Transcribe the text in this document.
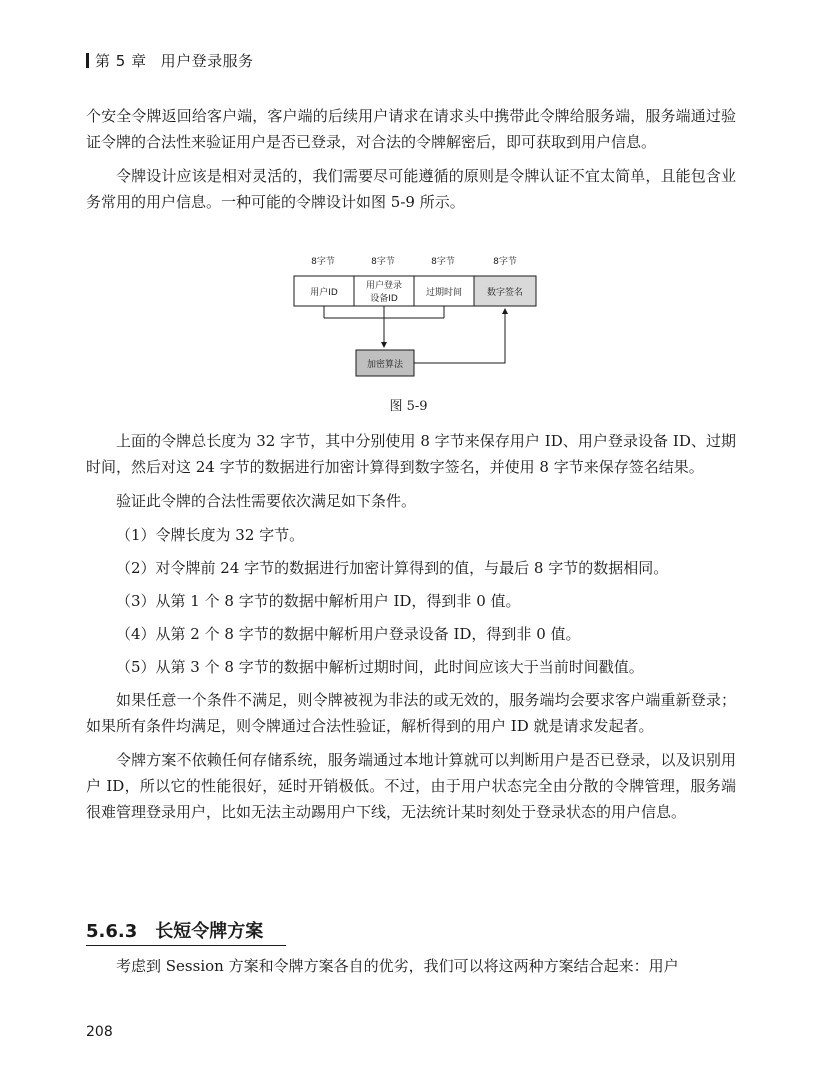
第 5 章 用户登录服务

个安全令牌返回给客户端，客户端的后续用户请求在请求头中携带此令牌给服务端，服务端通过验证令牌的合法性来验证用户是否已登录，对合法的令牌解密后，即可获取到用户信息。

令牌设计应该是相对灵活的，我们需要尽可能遵循的原则是令牌认证不宜太简单，且能包含业务常用的用户信息。一种可能的令牌设计如图 5-9 所示。

8字节	8字节	8字节	8字节
用户ID
用户登录
设备ID
过期时间	数字签名
加密算法
图 5-9

上面的令牌总长度为 32 字节，其中分别使用 8 字节来保存用户 ID、用户登录设备 ID、过期时间，然后对这 24 字节的数据进行加密计算得到数字签名，并使用 8 字节来保存签名结果。

验证此令牌的合法性需要依次满足如下条件。

（1）令牌长度为 32 字节。

（2）对令牌前 24 字节的数据进行加密计算得到的值，与最后 8 字节的数据相同。

（3）从第 1 个 8 字节的数据中解析用户 ID，得到非 0 值。

（4）从第 2 个 8 字节的数据中解析用户登录设备 ID，得到非 0 值。

（5）从第 3 个 8 字节的数据中解析过期时间，此时间应该大于当前时间戳值。

如果任意一个条件不满足，则令牌被视为非法的或无效的，服务端均会要求客户端重新登录；如果所有条件均满足，则令牌通过合法性验证，解析得到的用户 ID 就是请求发起者。

令牌方案不依赖任何存储系统，服务端通过本地计算就可以判断用户是否已登录，以及识别用户 ID，所以它的性能很好，延时开销极低。不过，由于用户状态完全由分散的令牌管理，服务端很难管理登录用户，比如无法主动踢用户下线，无法统计某时刻处于登录状态的用户信息。

5.6.3 长短令牌方案

考虑到 Session 方案和令牌方案各自的优劣，我们可以将这两种方案结合起来：用户

208
